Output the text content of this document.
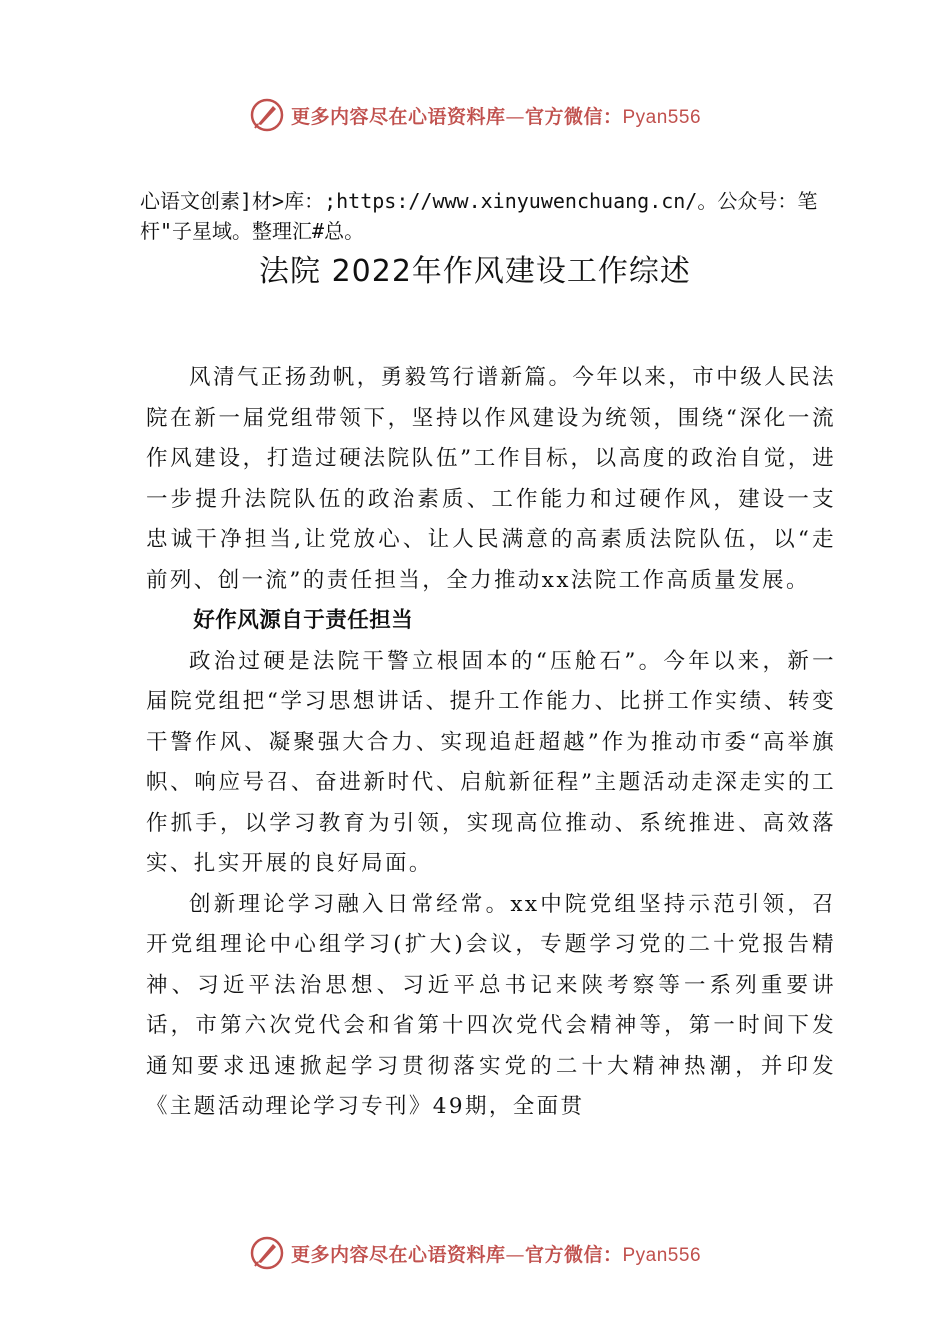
更多内容尽在心语资料库—官方微信：Pyan556
心语文创素]材>库：;https://www.xinyuwenchuang.cn/。公众号：笔杆"子星域。整理汇#总。
法院 2022年作风建设工作综述

风清气正扬劲帆，勇毅笃行谱新篇。今年以来，市中级人民法院在新一届党组带领下，坚持以作风建设为统领，围绕“深化一流作风建设，打造过硬法院队伍”工作目标，以高度的政治自觉，进一步提升法院队伍的政治素质、工作能力和过硬作风，建设一支忠诚干净担当,让党放心、让人民满意的高素质法院队伍，以“走前列、创一流”的责任担当，全力推动xx法院工作高质量发展。

好作风源自于责任担当

政治过硬是法院干警立根固本的“压舱石”。今年以来，新一届院党组把“学习思想讲话、提升工作能力、比拼工作实绩、转变干警作风、凝聚强大合力、实现追赶超越”作为推动市委“高举旗帜、响应号召、奋进新时代、启航新征程”主题活动走深走实的工作抓手，以学习教育为引领，实现高位推动、系统推进、高效落实、扎实开展的良好局面。

创新理论学习融入日常经常。xx中院党组坚持示范引领，召开党组理论中心组学习(扩大)会议，专题学习党的二十党报告精神、习近平法治思想、习近平总书记来陕考察等一系列重要讲话，市第六次党代会和省第十四次党代会精神等，第一时间下发通知要求迅速掀起学习贯彻落实党的二十大精神热潮，并印发《主题活动理论学习专刊》49期，全面贯

更多内容尽在心语资料库—官方微信：Pyan556
